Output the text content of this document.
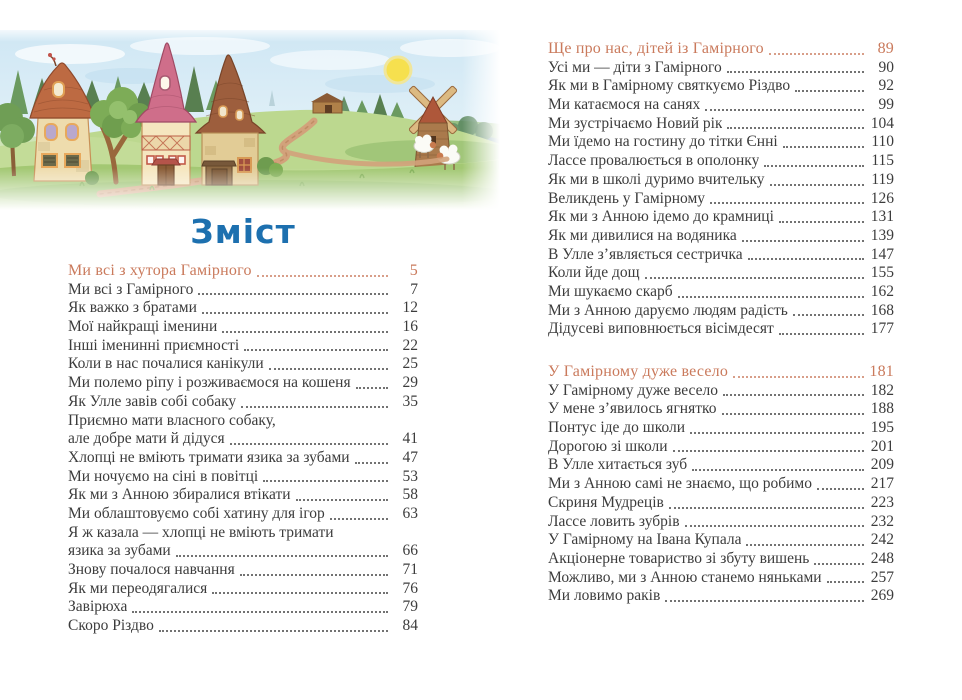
Зміст
Ми всі з хутора Гамірного	5
Ми всі з Гамірного	7
Як важко з братами	12
Мої найкращі іменини	16
Інші іменинні приємності	22
Коли в нас почалися канікули	25
Ми полемо ріпу і розживаємося на кошеня	29
Як Улле завів собі собаку	35
Приємно мати власного собаку,
але добре мати й дідуся	41
Хлопці не вміють тримати язика за зубами	47
Ми ночуємо на сіні в повітці	53
Як ми з Анною збиралися втікати	58
Ми облаштовуємо собі хатину для ігор	63
Я ж казала — хлопці не вміють тримати
язика за зубами	66
Знову почалося навчання	71
Як ми переодягалися	76
Завірюха	79
Скоро Різдво	84
Ще про нас, дітей із Гамірного	89
Усі ми — діти з Гамірного	90
Як ми в Гамірному святкуємо Різдво	92
Ми катаємося на санях	99
Ми зустрічаємо Новий рік	104
Ми їдемо на гостину до тітки Єнні	110
Лассе провалюється в ополонку	115
Як ми в школі дуримо вчительку	119
Великдень у Гамірному	126
Як ми з Анною ідемо до крамниці	131
Як ми дивилися на водяника	139
В Улле з’являється сестричка	147
Коли йде дощ	155
Ми шукаємо скарб	162
Ми з Анною даруємо людям радість	168
Дідусеві виповнюється вісімдесят	177
У Гамірному дуже весело	181
У Гамірному дуже весело	182
У мене з’явилось ягнятко	188
Понтус іде до школи	195
Дорогою зі школи	201
В Улле хитається зуб	209
Ми з Анною самі не знаємо, що робимо	217
Скриня Мудреців	223
Лассе ловить зубрів	232
У Гамірному на Івана Купала	242
Акціонерне товариство зі збуту вишень	248
Можливо, ми з Анною станемо няньками	257
Ми ловимо раків	269
